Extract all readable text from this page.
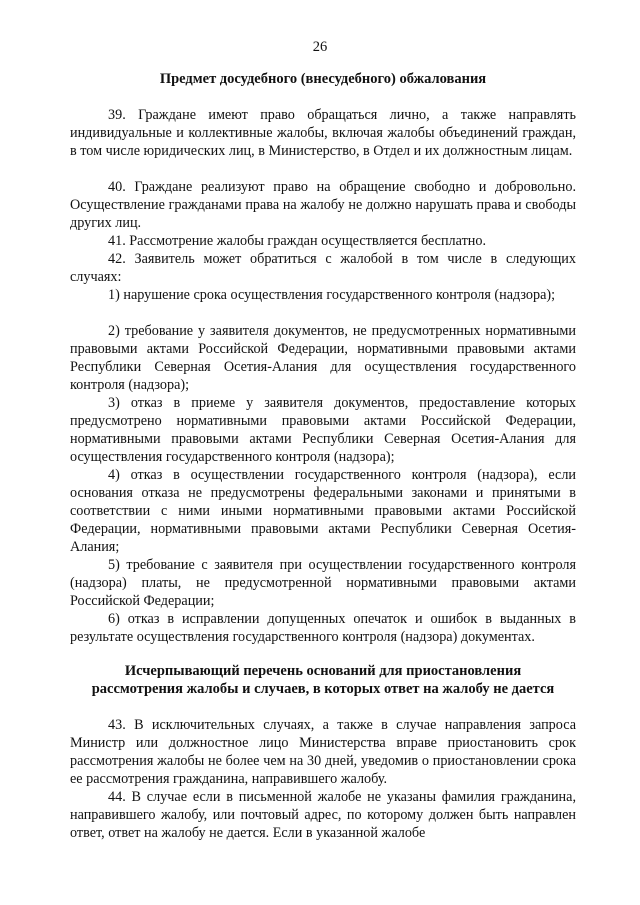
26
Предмет досудебного (внесудебного) обжалования

39. Граждане имеют право обращаться лично, а также направлять индивидуальные и коллективные жалобы, включая жалобы объединений граждан, в том числе юридических лиц, в Министерство, в Отдел и их должностным лицам.

40. Граждане реализуют право на обращение свободно и добровольно. Осуществление гражданами права на жалобу не должно нарушать права и свободы других лиц.

41. Рассмотрение жалобы граждан осуществляется бесплатно.

42. Заявитель может обратиться с жалобой в том числе в следующих случаях:

1) нарушение срока осуществления государственного контроля (надзора);

2) требование у заявителя документов, не предусмотренных нормативными правовыми актами Российской Федерации, нормативными правовыми актами Республики Северная Осетия-Алания для осуществления государственного контроля (надзора);

3) отказ в приеме у заявителя документов, предоставление которых предусмотрено нормативными правовыми актами Российской Федерации, нормативными правовыми актами Республики Северная Осетия-Алания для осуществления государственного контроля (надзора);

4) отказ в осуществлении государственного контроля (надзора), если основания отказа не предусмотрены федеральными законами и принятыми в соответствии с ними иными нормативными правовыми актами Российской Федерации, нормативными правовыми актами Республики Северная Осетия-Алания;

5) требование с заявителя при осуществлении государственного контроля (надзора) платы, не предусмотренной нормативными правовыми актами Российской Федерации;

6) отказ в исправлении допущенных опечаток и ошибок в выданных в результате осуществления государственного контроля (надзора) документах.

Исчерпывающий перечень оснований для приостановления
рассмотрения жалобы и случаев, в которых ответ на жалобу не дается

43. В исключительных случаях, а также в случае направления запроса Министр или должностное лицо Министерства вправе приостановить срок рассмотрения жалобы не более чем на 30 дней, уведомив о приостановлении срока ее рассмотрения гражданина, направившего жалобу.

44. В случае если в письменной жалобе не указаны фамилия гражданина, направившего жалобу, или почтовый адрес, по которому должен быть направлен ответ, ответ на жалобу не дается. Если в указанной жалобе
